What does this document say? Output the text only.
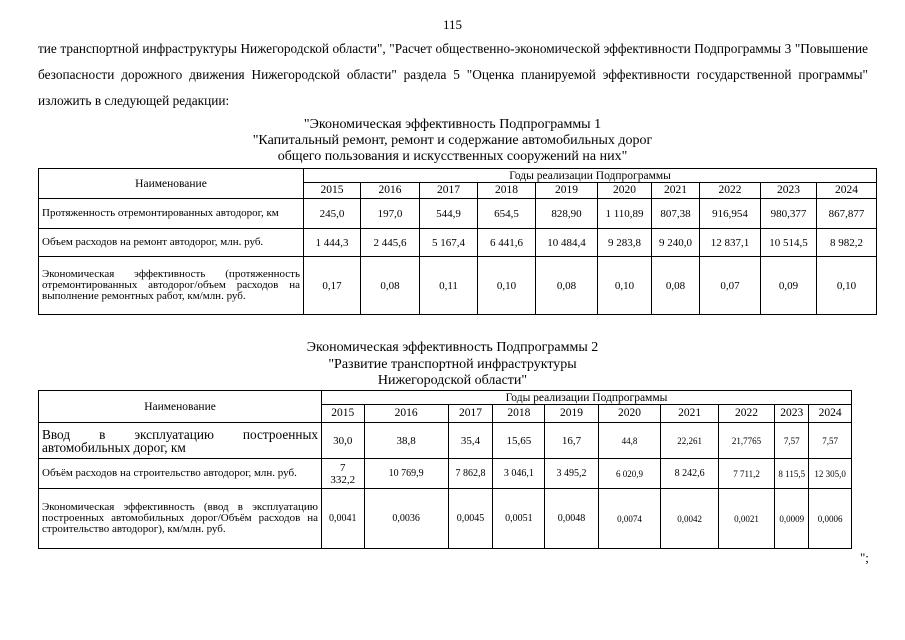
115
тие транспортной инфраструктуры Нижегородской области", "Расчет общественно-экономической эффективности Подпрограммы 3 "Повышение безопасности дорожного движения Нижегородской области" раздела 5 "Оценка планируемой эффективности государственной программы" изложить в следующей редакции:
"Экономическая эффективность Подпрограммы 1
"Капитальный ремонт, ремонт и содержание автомобильных дорог
общего пользования и искусственных сооружений на них"
Наименование	Годы реализации Подпрограммы									
	2015	2016	2017	2018	2019	2020	2021	2022	2023	2024
Протяженность отремонтированных автодорог, км	245,0	197,0	544,9	654,5	828,90	1 110,89	807,38	916,954	980,377	867,877
Объем расходов на ремонт автодорог, млн. руб.	1 444,3	2 445,6	5 167,4	6 441,6	10 484,4	9 283,8	9 240,0	12 837,1	10 514,5	8 982,2
Экономическая эффективность (протяженность отремонтированных автодорог/объем расходов на выполнение ремонтных работ, км/млн. руб.	0,17	0,08	0,11	0,10	0,08	0,10	0,08	0,07	0,09	0,10
Экономическая эффективность Подпрограммы 2
"Развитие транспортной инфраструктуры
Нижегородской области"
Наименование	Годы реализации Подпрограммы									
	2015	2016	2017	2018	2019	2020	2021	2022	2023	2024
Ввод в эксплуатацию построенных автомобильных дорог, км	30,0	38,8	35,4	15,65	16,7	44,8	22,261	21,7765	7,57	7,57
Объём расходов на строительство автодорог, млн. руб.	7 332,2	10 769,9	7 862,8	3 046,1	3 495,2	6 020,9	8 242,6	7 711,2	8 115,5	12 305,0
Экономическая эффективность (ввод в эксплуатацию построенных автомобильных дорог/Объём расходов на строительство автодорог), км/млн. руб.	0,0041	0,0036	0,0045	0,0051	0,0048	0,0074	0,0042	0,0021	0,0009	0,0006
";
